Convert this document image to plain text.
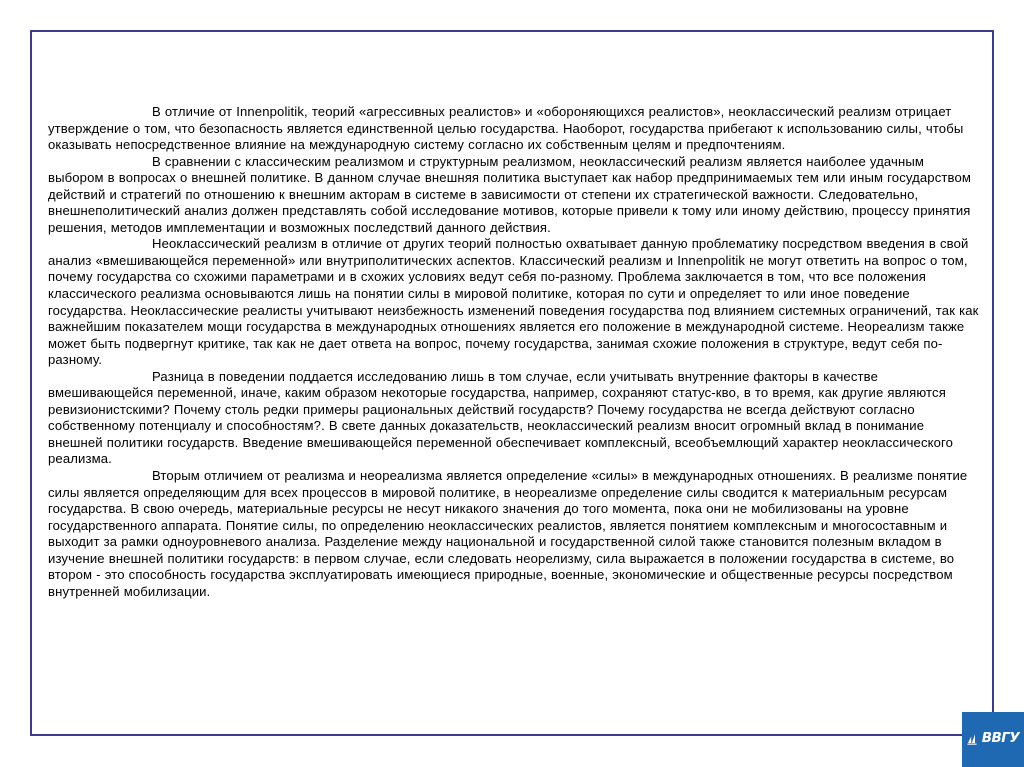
В отличие от Innenpolitik, теорий «агрессивных реалистов» и «обороняющихся реалистов», неоклассический реализм отрицает утверждение о том, что безопасность является единственной целью государства. Наоборот, государства прибегают к использованию силы, чтобы оказывать непосредственное влияние на международную систему согласно их собственным целям и предпочтениям.

В сравнении с классическим реализмом и структурным реализмом, неоклассический реализм является наиболее удачным выбором в вопросах о внешней политике. В данном случае внешняя политика выступает как набор предпринимаемых тем или иным государством действий и стратегий по отношению к внешним акторам в системе в зависимости от степени их стратегической важности. Следовательно, внешнеполитический анализ должен представлять собой исследование мотивов, которые привели к тому или иному действию, процессу принятия решения, методов имплементации и возможных последствий данного действия.

Неоклассический реализм в отличие от других теорий полностью охватывает данную проблематику посредством введения в свой анализ «вмешивающейся переменной» или внутриполитических аспектов. Классический реализм и Innenpolitik не могут ответить на вопрос о том, почему государства со схожими параметрами и в схожих условиях ведут себя по-разному. Проблема заключается в том, что все положения классического реализма основываются лишь на понятии силы в мировой политике, которая по сути и определяет то или иное поведение государства. Неоклассические реалисты учитывают неизбежность изменений поведения государства под влиянием системных ограничений, так как важнейшим показателем мощи государства в международных отношениях является его положение в международной системе. Неореализм также может быть подвергнут критике, так как не дает ответа на вопрос, почему государства, занимая схожие положения в структуре, ведут себя по-разному.

Разница в поведении поддается исследованию лишь в том случае, если учитывать внутренние факторы в качестве вмешивающейся переменной, иначе, каким образом некоторые государства, например, сохраняют статус-кво, в то время, как другие являются ревизионистскими? Почему столь редки примеры рациональных действий государств? Почему государства не всегда действуют согласно собственному потенциалу и способностям?. В свете данных доказательств, неоклассический реализм вносит огромный вклад в понимание внешней политики государств. Введение вмешивающейся переменной обеспечивает комплексный, всеобъемлющий характер неоклассического реализма.

Вторым отличием от реализма и неореализма является определение «силы» в международных отношениях. В реализме понятие силы является определяющим для всех процессов в мировой политике, в неореализме определение силы сводится к материальным ресурсам государства. В свою очередь, материальные ресурсы не несут никакого значения до того момента, пока они не мобилизованы на уровне государственного аппарата. Понятие силы, по определению неоклассических реалистов, является понятием комплексным и многосоставным и выходит за рамки одноуровневого анализа. Разделение между национальной и государственной силой также становится полезным вкладом в изучение внешней политики государств: в первом случае, если следовать неорелизму, сила выражается в положении государства в системе, во втором - это способность государства эксплуатировать имеющиеся природные, военные, экономические и общественные ресурсы посредством внутренней мобилизации.

ВВГУ
